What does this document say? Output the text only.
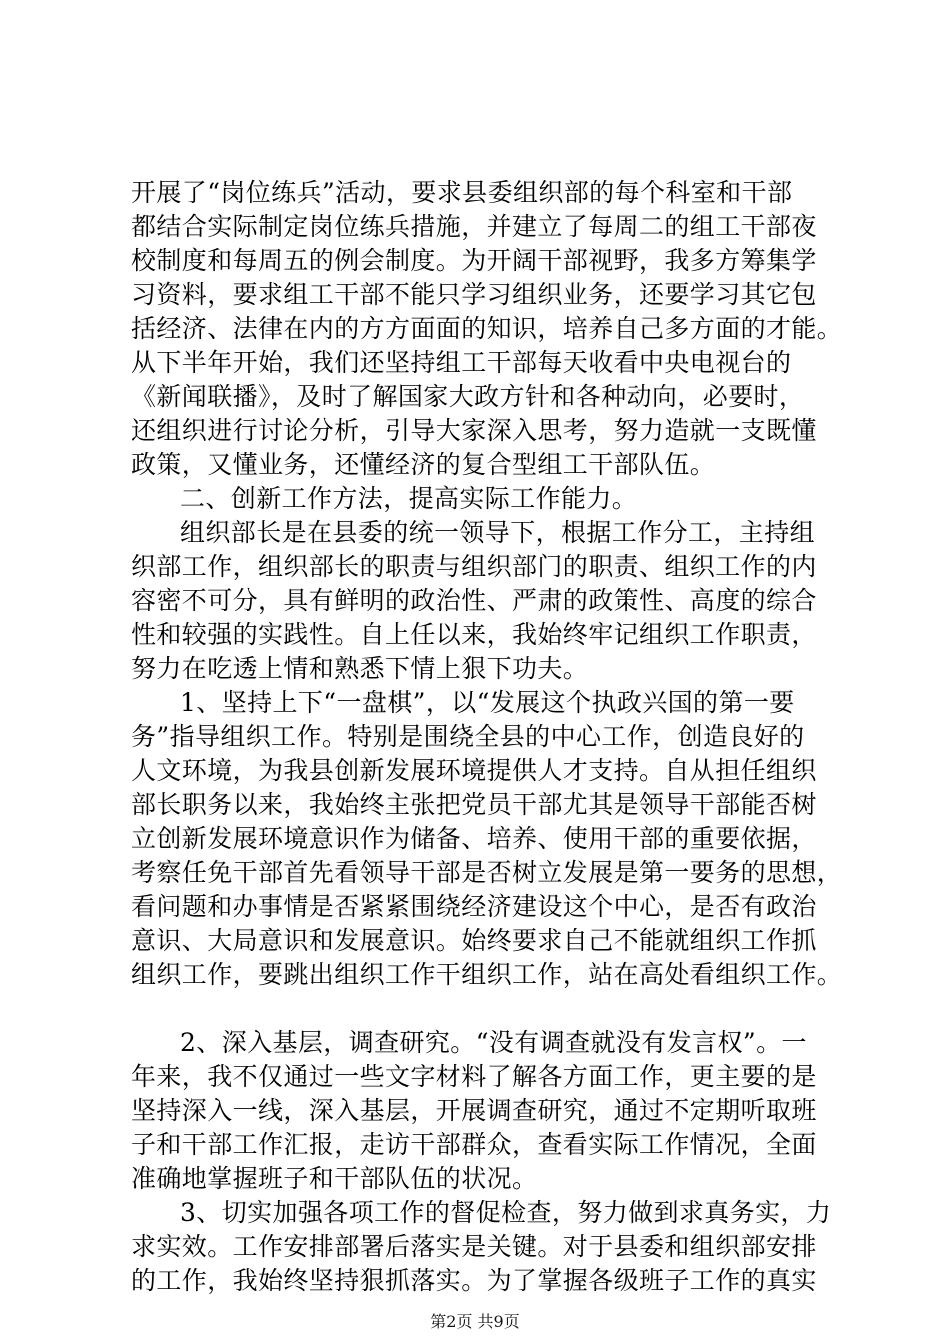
开展了“岗位练兵”活动，要求县委组织部的每个科室和干部
都结合实际制定岗位练兵措施，并建立了每周二的组工干部夜
校制度和每周五的例会制度。为开阔干部视野，我多方筹集学
习资料，要求组工干部不能只学习组织业务，还要学习其它包
括经济、法律在内的方方面面的知识，培养自己多方面的才能。
从下半年开始，我们还坚持组工干部每天收看中央电视台的
《新闻联播》，及时了解国家大政方针和各种动向，必要时，
还组织进行讨论分析，引导大家深入思考，努力造就一支既懂
政策，又懂业务，还懂经济的复合型组工干部队伍。
二、创新工作方法，提高实际工作能力。
组织部长是在县委的统一领导下，根据工作分工，主持组
织部工作，组织部长的职责与组织部门的职责、组织工作的内
容密不可分，具有鲜明的政治性、严肃的政策性、高度的综合
性和较强的实践性。自上任以来，我始终牢记组织工作职责，
努力在吃透上情和熟悉下情上狠下功夫。
1、坚持上下“一盘棋”，以“发展这个执政兴国的第一要
务”指导组织工作。特别是围绕全县的中心工作，创造良好的
人文环境，为我县创新发展环境提供人才支持。自从担任组织
部长职务以来，我始终主张把党员干部尤其是领导干部能否树
立创新发展环境意识作为储备、培养、使用干部的重要依据，
考察任免干部首先看领导干部是否树立发展是第一要务的思想，
看问题和办事情是否紧紧围绕经济建设这个中心，是否有政治
意识、大局意识和发展意识。始终要求自己不能就组织工作抓
组织工作，要跳出组织工作干组织工作，站在高处看组织工作。
2、深入基层，调查研究。“没有调查就没有发言权”。一
年来，我不仅通过一些文字材料了解各方面工作，更主要的是
坚持深入一线，深入基层，开展调查研究，通过不定期听取班
子和干部工作汇报，走访干部群众，查看实际工作情况，全面
准确地掌握班子和干部队伍的状况。
3、切实加强各项工作的督促检查，努力做到求真务实，力
求实效。工作安排部署后落实是关键。对于县委和组织部安排
的工作，我始终坚持狠抓落实。为了掌握各级班子工作的真实
第2页 共9页
